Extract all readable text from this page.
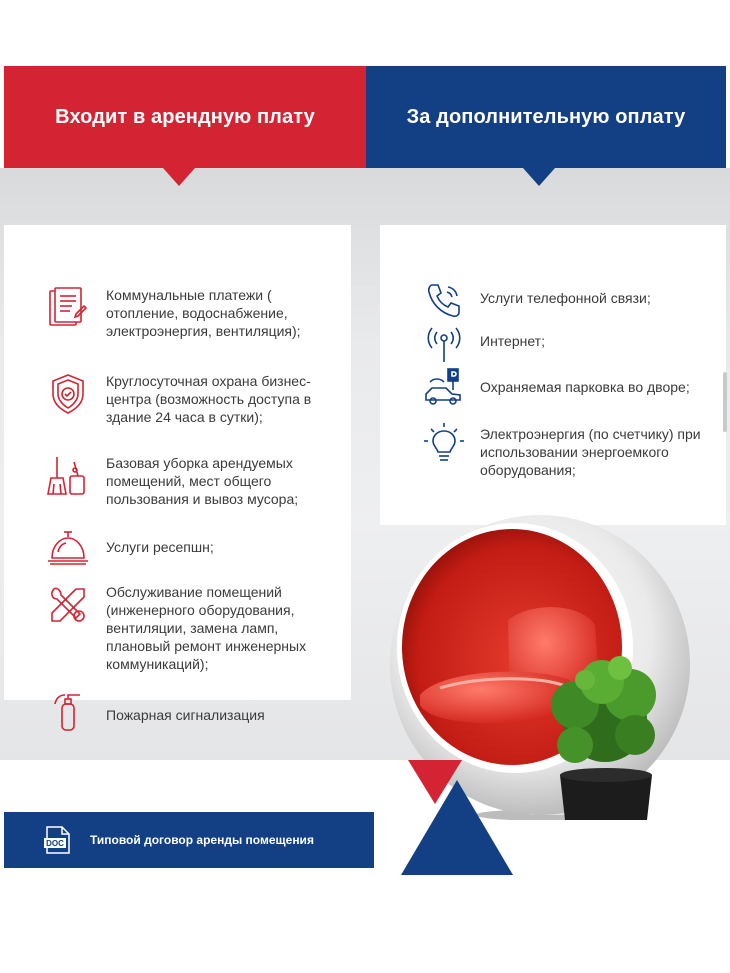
Входит в арендную плату	За дополнительную оплату
Коммунальные платежи ( отопление, водоснабжение, электроэнергия, вентиляция);
Круглосуточная охрана бизнес-центра (возможность доступа в здание 24 часа в сутки);
Базовая уборка арендуемых помещений, мест общего пользования и вывоз мусора;
Услуги ресепшн;
Обслуживание помещений (инженерного оборудования, вентиляции, замена ламп, плановый ремонт инженерных коммуникаций);
Пожарная сигнализация
Услуги телефонной связи;
Интернет;
Охраняемая парковка во дворе;
Электроэнергия (по счетчику) при использовании энергоемкого оборудования;
DOC Типовой договор аренды помещения
